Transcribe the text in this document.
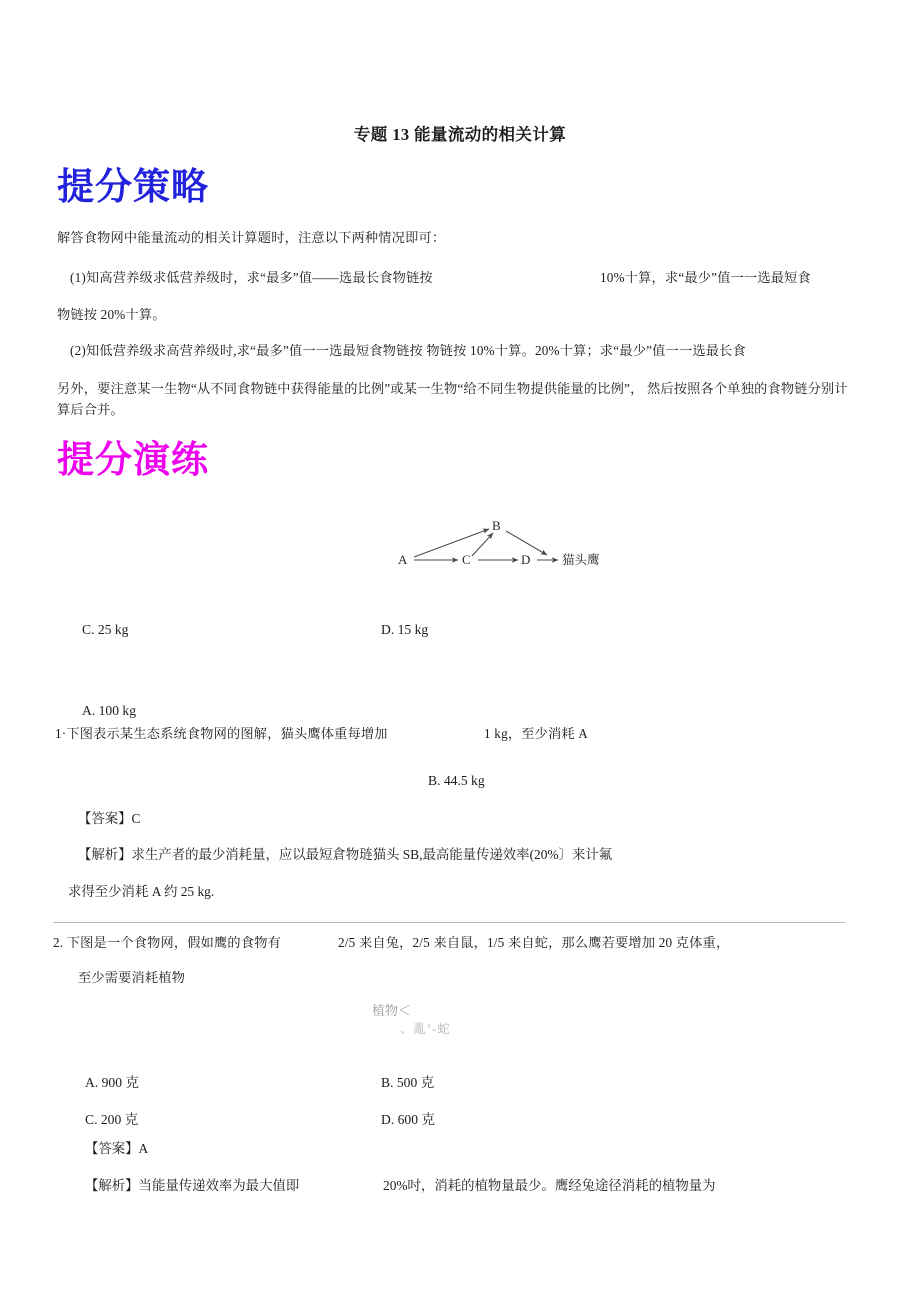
专题 13 能量流动的相关计算
提分策略
解答食物网中能量流动的相关计算题时，注意以下两种情况即可：
(1)知高营养级求低营养级时，求“最多”值——选最长食物链按	10%十算，求“最少”值一一选最短食
物链按 20%十算。
(2)知低营养级求高营养级时,求“最多”值一一选最短食物链按 物链按 10%十算。20%十算；求“最少”值一一选最长食
另外，要注意某一生物“从不同食物链中获得能量的比例”或某一生物“给不同生物提供能量的比例”， 然后按照各个单独的食物链分别计算后合并。
提分演练
A	C	D
B
猫头鹰
C. 25 kg	D. 15 kg
A. 100 kg
1·下图表示某生态系统食物网的图解，猫头鹰体重每增加	1 kg，至少消耗 A
B. 44.5 kg
【答案】C
【解析】求生产者的最少消耗量，应以最短倉物琏猫头 SB,最高能量传递效率(20%〕来计氟
求得至少消耗 A 约 25 kg.
2. 下图是一个食物网，假如鹰的食物有	2/5 来自兔，2/5 来自鼠，1/5 来自蛇，那么鹰若要增加 20 克体重，
至少需要消耗植物
植物＜
、亂’-蛇
A. 900 克	B. 500 克
C. 200 克	D. 600 克
【答案】A
【解析】当能量传递效率为最大值即	20%吋，消耗的植物量最少。鹰经兔途径消耗的植物量为
